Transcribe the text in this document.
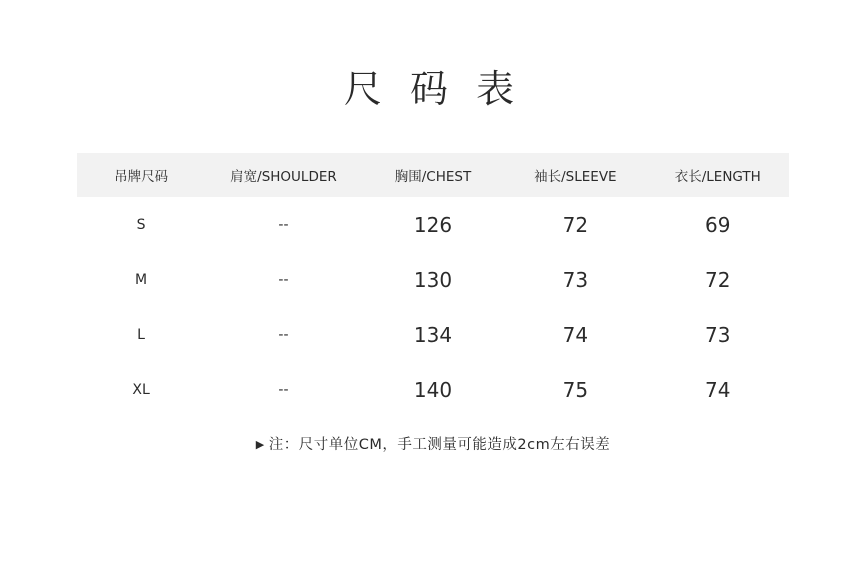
尺 码 表
吊牌尺码	肩宽/SHOULDER	胸围/CHEST	袖长/SLEEVE	衣长/LENGTH
S	--	126	72	69
M	--	130	73	72
L	--	134	74	73
XL	--	140	75	74
▶ 注：尺寸单位CM，手工测量可能造成2cm左右误差
